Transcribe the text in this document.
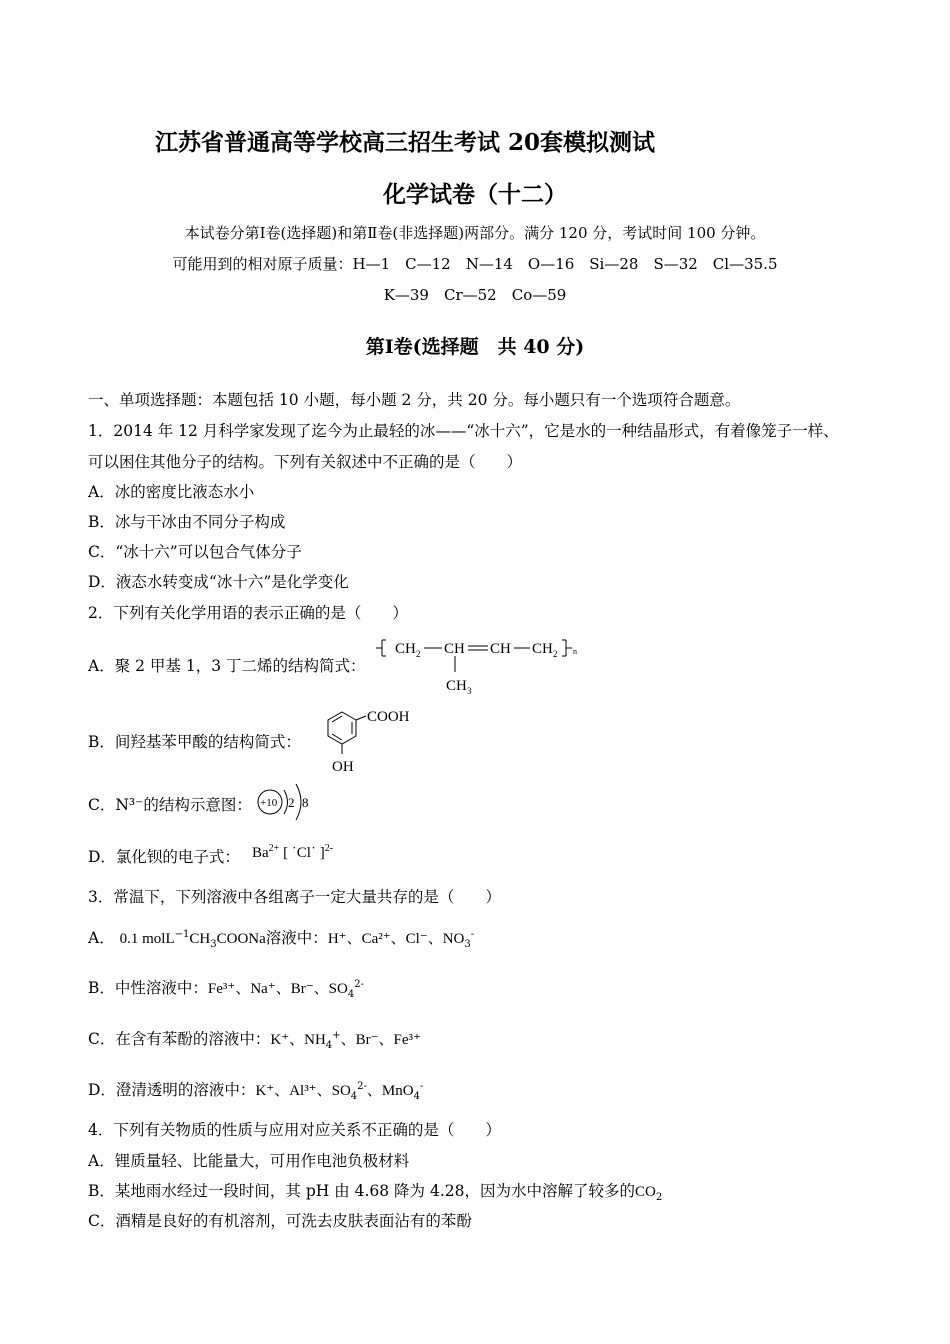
江苏省普通高等学校高三招生考试 20套模拟测试
化学试卷（十二）
本试卷分第Ⅰ卷(选择题)和第Ⅱ卷(非选择题)两部分。满分 120 分，考试时间 100 分钟。
可能用到的相对原子质量：H—1　C—12　N—14　O—16　Si—28　S—32　Cl—35.5
K—39　Cr—52　Co—59
第Ⅰ卷(选择题　共 40 分)
一、单项选择题：本题包括 10 小题，每小题 2 分，共 20 分。每小题只有一个选项符合题意。
1．2014 年 12 月科学家发现了迄今为止最轻的冰——“冰十六”，它是水的一种结晶形式，有着像笼子一样、
可以困住其他分子的结构。下列有关叙述中不正确的是（　　）
A．冰的密度比液态水小
B．冰与干冰由不同分子构成
C．“冰十六”可以包合气体分子
D．液态水转变成“冰十六”是化学变化
2．下列有关化学用语的表示正确的是（　　）
A．聚 2 甲基 1，3 丁二烯的结构简式：
CH 2 CH CH CH 2 n
CH 3
B．间羟基苯甲酸的结构简式：
COOH
OH
C．N³⁻的结构示意图： +10 2 8
D．氯化钡的电子式： $Ba^{2+}$ [ ˙Cl˙ ]$^{2-}$
3．常温下，下列溶液中各组离子一定大量共存的是（　　）
A． 0.1 $molL^{-1}CH_3COONa$溶液中：H⁺、Ca²⁺、Cl⁻、$NO_3^-$
B．中性溶液中：Fe³⁺、Na⁺、Br⁻、$SO_4^{2-}$
C．在含有苯酚的溶液中：K⁺、$NH_4^+$、Br⁻、Fe³⁺
D．澄清透明的溶液中：K⁺、Al³⁺、$SO_4^{2-}$、MnO$_4$-
4．下列有关物质的性质与应用对应关系不正确的是（　　）
A．锂质量轻、比能量大，可用作电池负极材料
B．某地雨水经过一段时间，其 pH 由 4.68 降为 4.28，因为水中溶解了较多的$CO_2$
C．酒精是良好的有机溶剂，可洗去皮肤表面沾有的苯酚
